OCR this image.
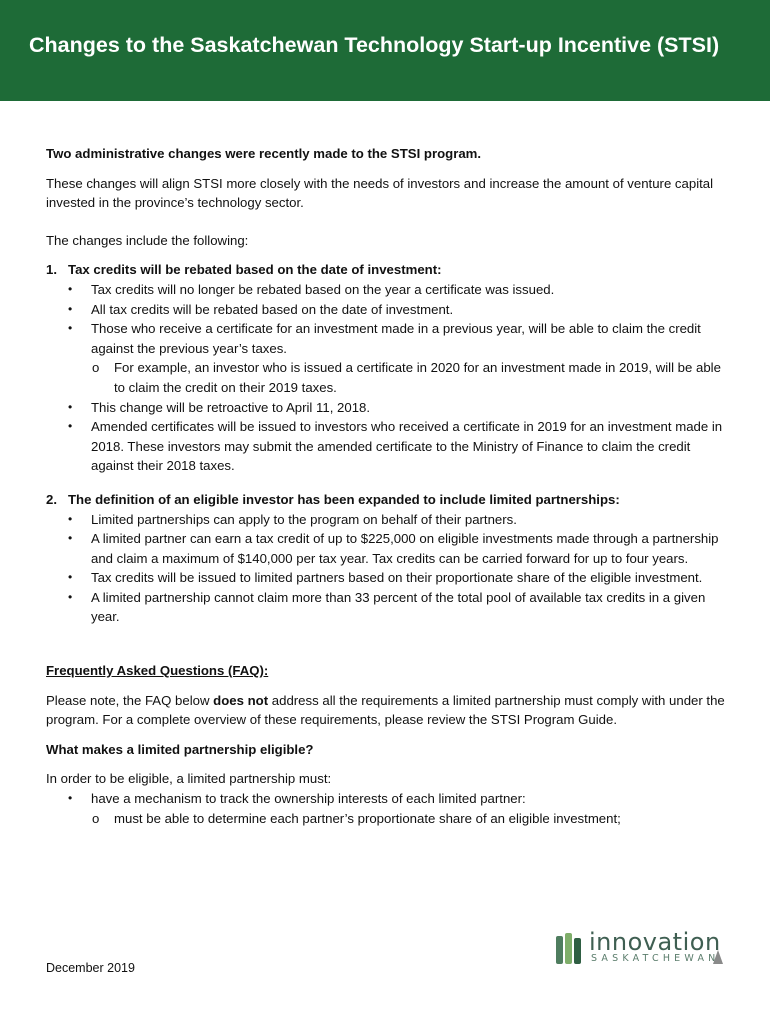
Changes to the Saskatchewan Technology Start-up Incentive (STSI)

Two administrative changes were recently made to the STSI program.

These changes will align STSI more closely with the needs of investors and increase the amount of venture capital invested in the province’s technology sector.

The changes include the following:

1. Tax credits will be rebated based on the date of investment:
• Tax credits will no longer be rebated based on the year a certificate was issued.
• All tax credits will be rebated based on the date of investment.
• Those who receive a certificate for an investment made in a previous year, will be able to claim the credit against the previous year’s taxes.
o For example, an investor who is issued a certificate in 2020 for an investment made in 2019, will be able to claim the credit on their 2019 taxes.
• This change will be retroactive to April 11, 2018.
• Amended certificates will be issued to investors who received a certificate in 2019 for an investment made in 2018. These investors may submit the amended certificate to the Ministry of Finance to claim the credit against their 2018 taxes.
2. The definition of an eligible investor has been expanded to include limited partnerships:
• Limited partnerships can apply to the program on behalf of their partners.
• A limited partner can earn a tax credit of up to $225,000 on eligible investments made through a partnership and claim a maximum of $140,000 per tax year. Tax credits can be carried forward for up to four years.
• Tax credits will be issued to limited partners based on their proportionate share of the eligible investment.
• A limited partnership cannot claim more than 33 percent of the total pool of available tax credits in a given year.

Frequently Asked Questions (FAQ):

Please note, the FAQ below does not address all the requirements a limited partnership must comply with under the program. For a complete overview of these requirements, please review the STSI Program Guide.

What makes a limited partnership eligible?

In order to be eligible, a limited partnership must:

• have a mechanism to track the ownership interests of each limited partner:
o must be able to determine each partner’s proportionate share of an eligible investment;
December 2019
innovation
SASKATCHEWAN
